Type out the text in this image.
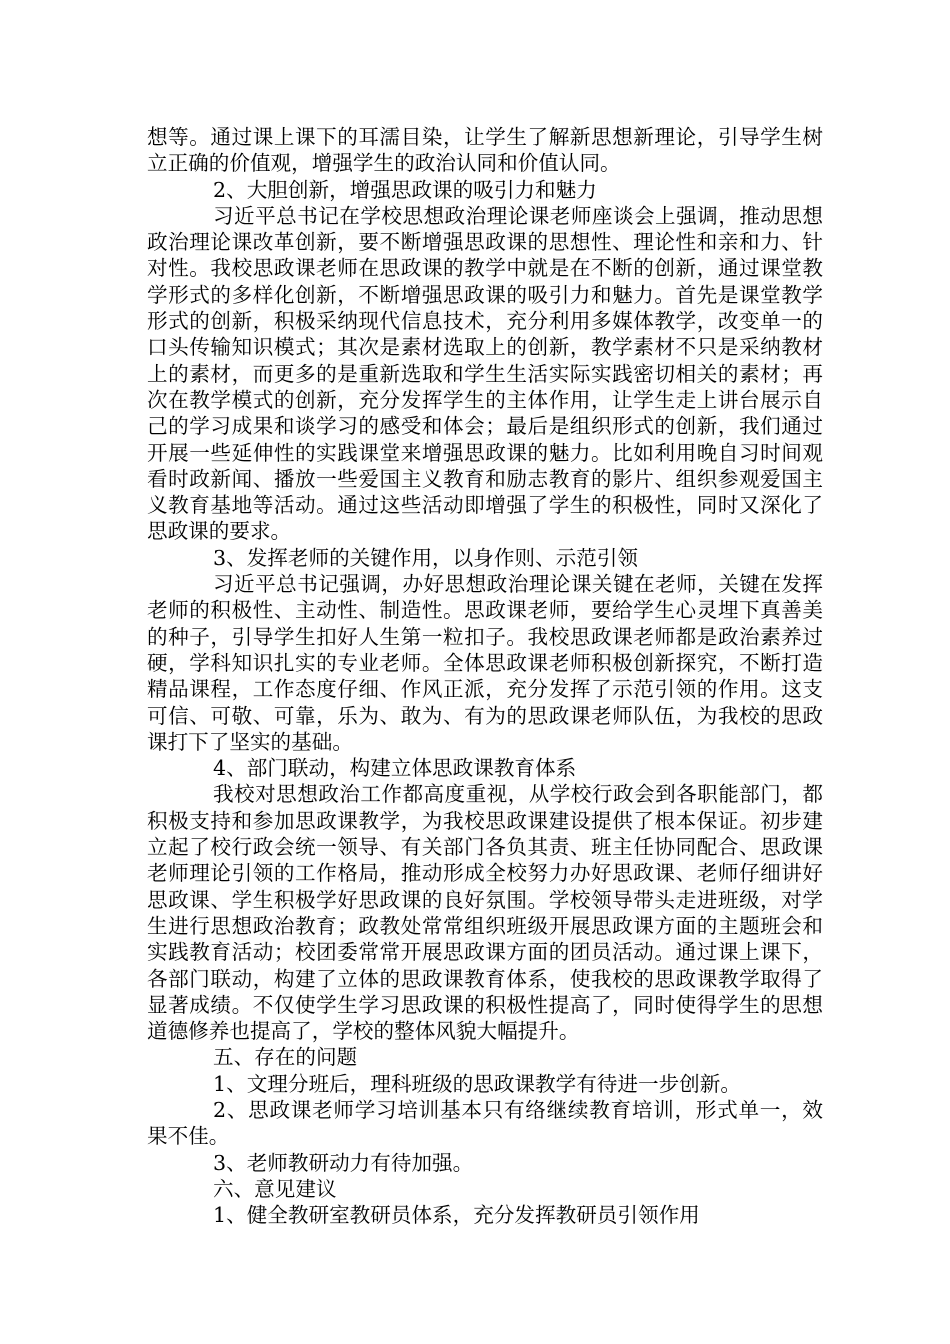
想等。通过课上课下的耳濡目染，让学生了解新思想新理论，引导学生树立正确的价值观，增强学生的政治认同和价值认同。

2、大胆创新，增强思政课的吸引力和魅力

习近平总书记在学校思想政治理论课老师座谈会上强调，推动思想政治理论课改革创新，要不断增强思政课的思想性、理论性和亲和力、针对性。我校思政课老师在思政课的教学中就是在不断的创新，通过课堂教学形式的多样化创新，不断增强思政课的吸引力和魅力。首先是课堂教学形式的创新，积极采纳现代信息技术，充分利用多媒体教学，改变单一的口头传输知识模式；其次是素材选取上的创新，教学素材不只是采纳教材上的素材，而更多的是重新选取和学生生活实际实践密切相关的素材；再次在教学模式的创新，充分发挥学生的主体作用，让学生走上讲台展示自己的学习成果和谈学习的感受和体会；最后是组织形式的创新，我们通过开展一些延伸性的实践课堂来增强思政课的魅力。比如利用晚自习时间观看时政新闻、播放一些爱国主义教育和励志教育的影片、组织参观爱国主义教育基地等活动。通过这些活动即增强了学生的积极性，同时又深化了思政课的要求。

3、发挥老师的关键作用，以身作则、示范引领

习近平总书记强调，办好思想政治理论课关键在老师，关键在发挥老师的积极性、主动性、制造性。思政课老师，要给学生心灵埋下真善美的种子，引导学生扣好人生第一粒扣子。我校思政课老师都是政治素养过硬，学科知识扎实的专业老师。全体思政课老师积极创新探究，不断打造精品课程，工作态度仔细、作风正派，充分发挥了示范引领的作用。这支可信、可敬、可靠，乐为、敢为、有为的思政课老师队伍，为我校的思政课打下了坚实的基础。

4、部门联动，构建立体思政课教育体系

我校对思想政治工作都高度重视，从学校行政会到各职能部门，都积极支持和参加思政课教学，为我校思政课建设提供了根本保证。初步建立起了校行政会统一领导、有关部门各负其责、班主任协同配合、思政课老师理论引领的工作格局，推动形成全校努力办好思政课、老师仔细讲好思政课、学生积极学好思政课的良好氛围。学校领导带头走进班级，对学生进行思想政治教育；政教处常常组织班级开展思政课方面的主题班会和实践教育活动；校团委常常开展思政课方面的团员活动。通过课上课下，各部门联动，构建了立体的思政课教育体系，使我校的思政课教学取得了显著成绩。不仅使学生学习思政课的积极性提高了，同时使得学生的思想道德修养也提高了，学校的整体风貌大幅提升。

五、存在的问题

1、文理分班后，理科班级的思政课教学有待进一步创新。

2、思政课老师学习培训基本只有络继续教育培训，形式单一，效果不佳。

3、老师教研动力有待加强。

六、意见建议

1、健全教研室教研员体系，充分发挥教研员引领作用
